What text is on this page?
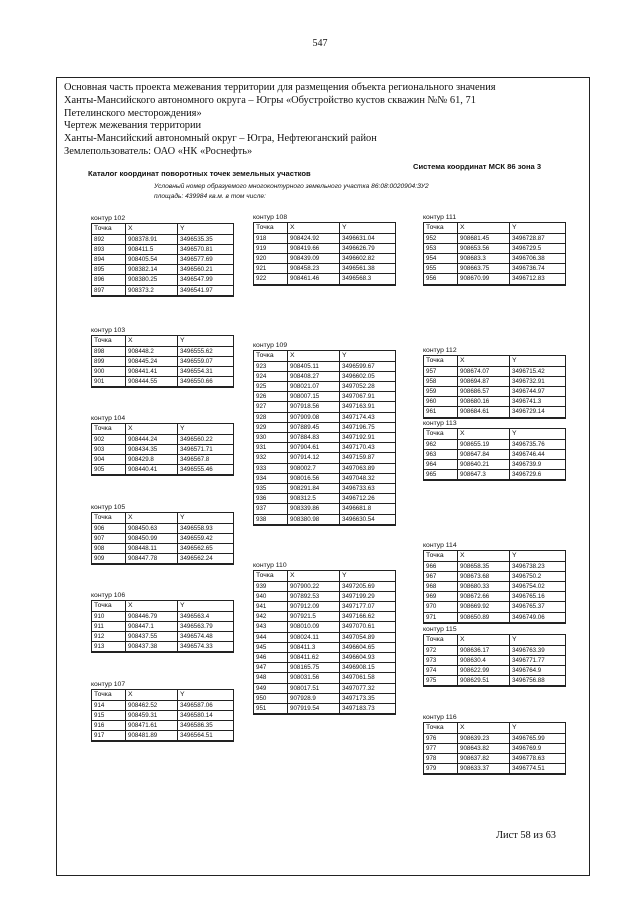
547
Основная часть проекта межевания территории для размещения объекта регионального значения
Ханты-Мансийского автономного округа – Югры «Обустройство кустов скважин №№ 61, 71
Петелинского месторождения»
Чертеж межевания территории
Ханты-Мансийский автономный округ – Югра, Нефтеюганский район
Землепользователь: ОАО «НК «Роснефть»
Каталог координат поворотных точек земельных участков
Система координат МСК 86 зона 3
Условный номер образуемого многоконтурного земельного участка 86:08:0020904:ЗУ2
площадь: 439984 кв.м. в том числе:
контур 102
Точка	X	Y
892	908378.91	3496535.35
893	908411.5	3496570.81
894	908405.54	3496577.69
895	908382.14	3496560.21
896	908380.25	3496547.99
897	908373.2	3496541.97
контур 103
Точка	X	Y
898	908448.2	3496555.62
899	908445.24	3496559.07
900	908441.41	3496554.31
901	908444.55	3496550.66
контур 104
Точка	X	Y
902	908444.24	3496560.22
903	908434.35	3496571.71
904	908429.8	3496567.8
905	908440.41	3496555.46
контур 105
Точка	X	Y
906	908450.63	3496558.93
907	908450.99	3496559.42
908	908448.11	3496562.65
909	908447.78	3496562.24
контур 106
Точка	X	Y
910	908446.79	3496563.4
911	908447.1	3496563.79
912	908437.55	3496574.48
913	908437.38	3496574.33
контур 107
Точка	X	Y
914	908462.52	3496587.06
915	908459.31	3496580.14
916	908471.61	3496586.35
917	908481.89	3496564.51
контур 108
Точка	X	Y
918	908424.92	3496631.04
919	908419.66	3496626.79
920	908439.09	3496602.82
921	908458.23	3496561.38
922	908461.46	3496568.3
контур 109
Точка	X	Y
923	908405.11	3496599.67
924	908408.27	3496602.05
925	908021.07	3497052.28
926	908007.15	3497067.91
927	907918.56	3497163.91
928	907909.08	3497174.43
929	907889.45	3497196.75
930	907884.83	3497192.91
931	907904.61	3497170.43
932	907914.12	3497159.87
933	908002.7	3497063.89
934	908016.56	3497048.32
935	908291.84	3496733.63
936	908312.5	3496712.26
937	908339.86	3496681.8
938	908380.98	3496630.54
контур 110
Точка	X	Y
939	907900.22	3497205.69
940	907892.53	3497199.29
941	907912.09	3497177.07
942	907921.5	3497166.62
943	908010.09	3497070.61
944	908024.11	3497054.89
945	908411.3	3496604.65
946	908411.62	3496604.93
947	908165.75	3496908.15
948	908031.56	3497061.58
949	908017.51	3497077.32
950	907928.9	3497173.35
951	907919.54	3497183.73
контур 111
Точка	X	Y
952	908681.45	3496728.87
953	908653.56	3496729.5
954	908683.3	3496706.38
955	908663.75	3496736.74
956	908670.99	3496712.83
контур 112
Точка	X	Y
957	908674.07	3496715.42
958	908694.87	3496732.91
959	908686.57	3496744.97
960	908680.16	3496741.3
961	908684.61	3496729.14
контур 113
Точка	X	Y
962	908655.19	3496735.76
963	908647.84	3496746.44
964	908640.21	3496739.9
965	908647.3	3496729.6
контур 114
Точка	X	Y
966	908658.35	3496738.23
967	908673.68	3496750.2
968	908680.33	3496754.02
969	908672.66	3496765.16
970	908669.92	3496765.37
971	908650.89	3496749.06
контур 115
Точка	X	Y
972	908636.17	3496763.39
973	908630.4	3496771.77
974	908622.99	3496764.9
975	908629.51	3496756.88
контур 116
Точка	X	Y
976	908639.23	3496765.99
977	908643.82	3496769.9
978	908637.82	3496778.63
979	908633.37	3496774.51
Лист 58 из 63
